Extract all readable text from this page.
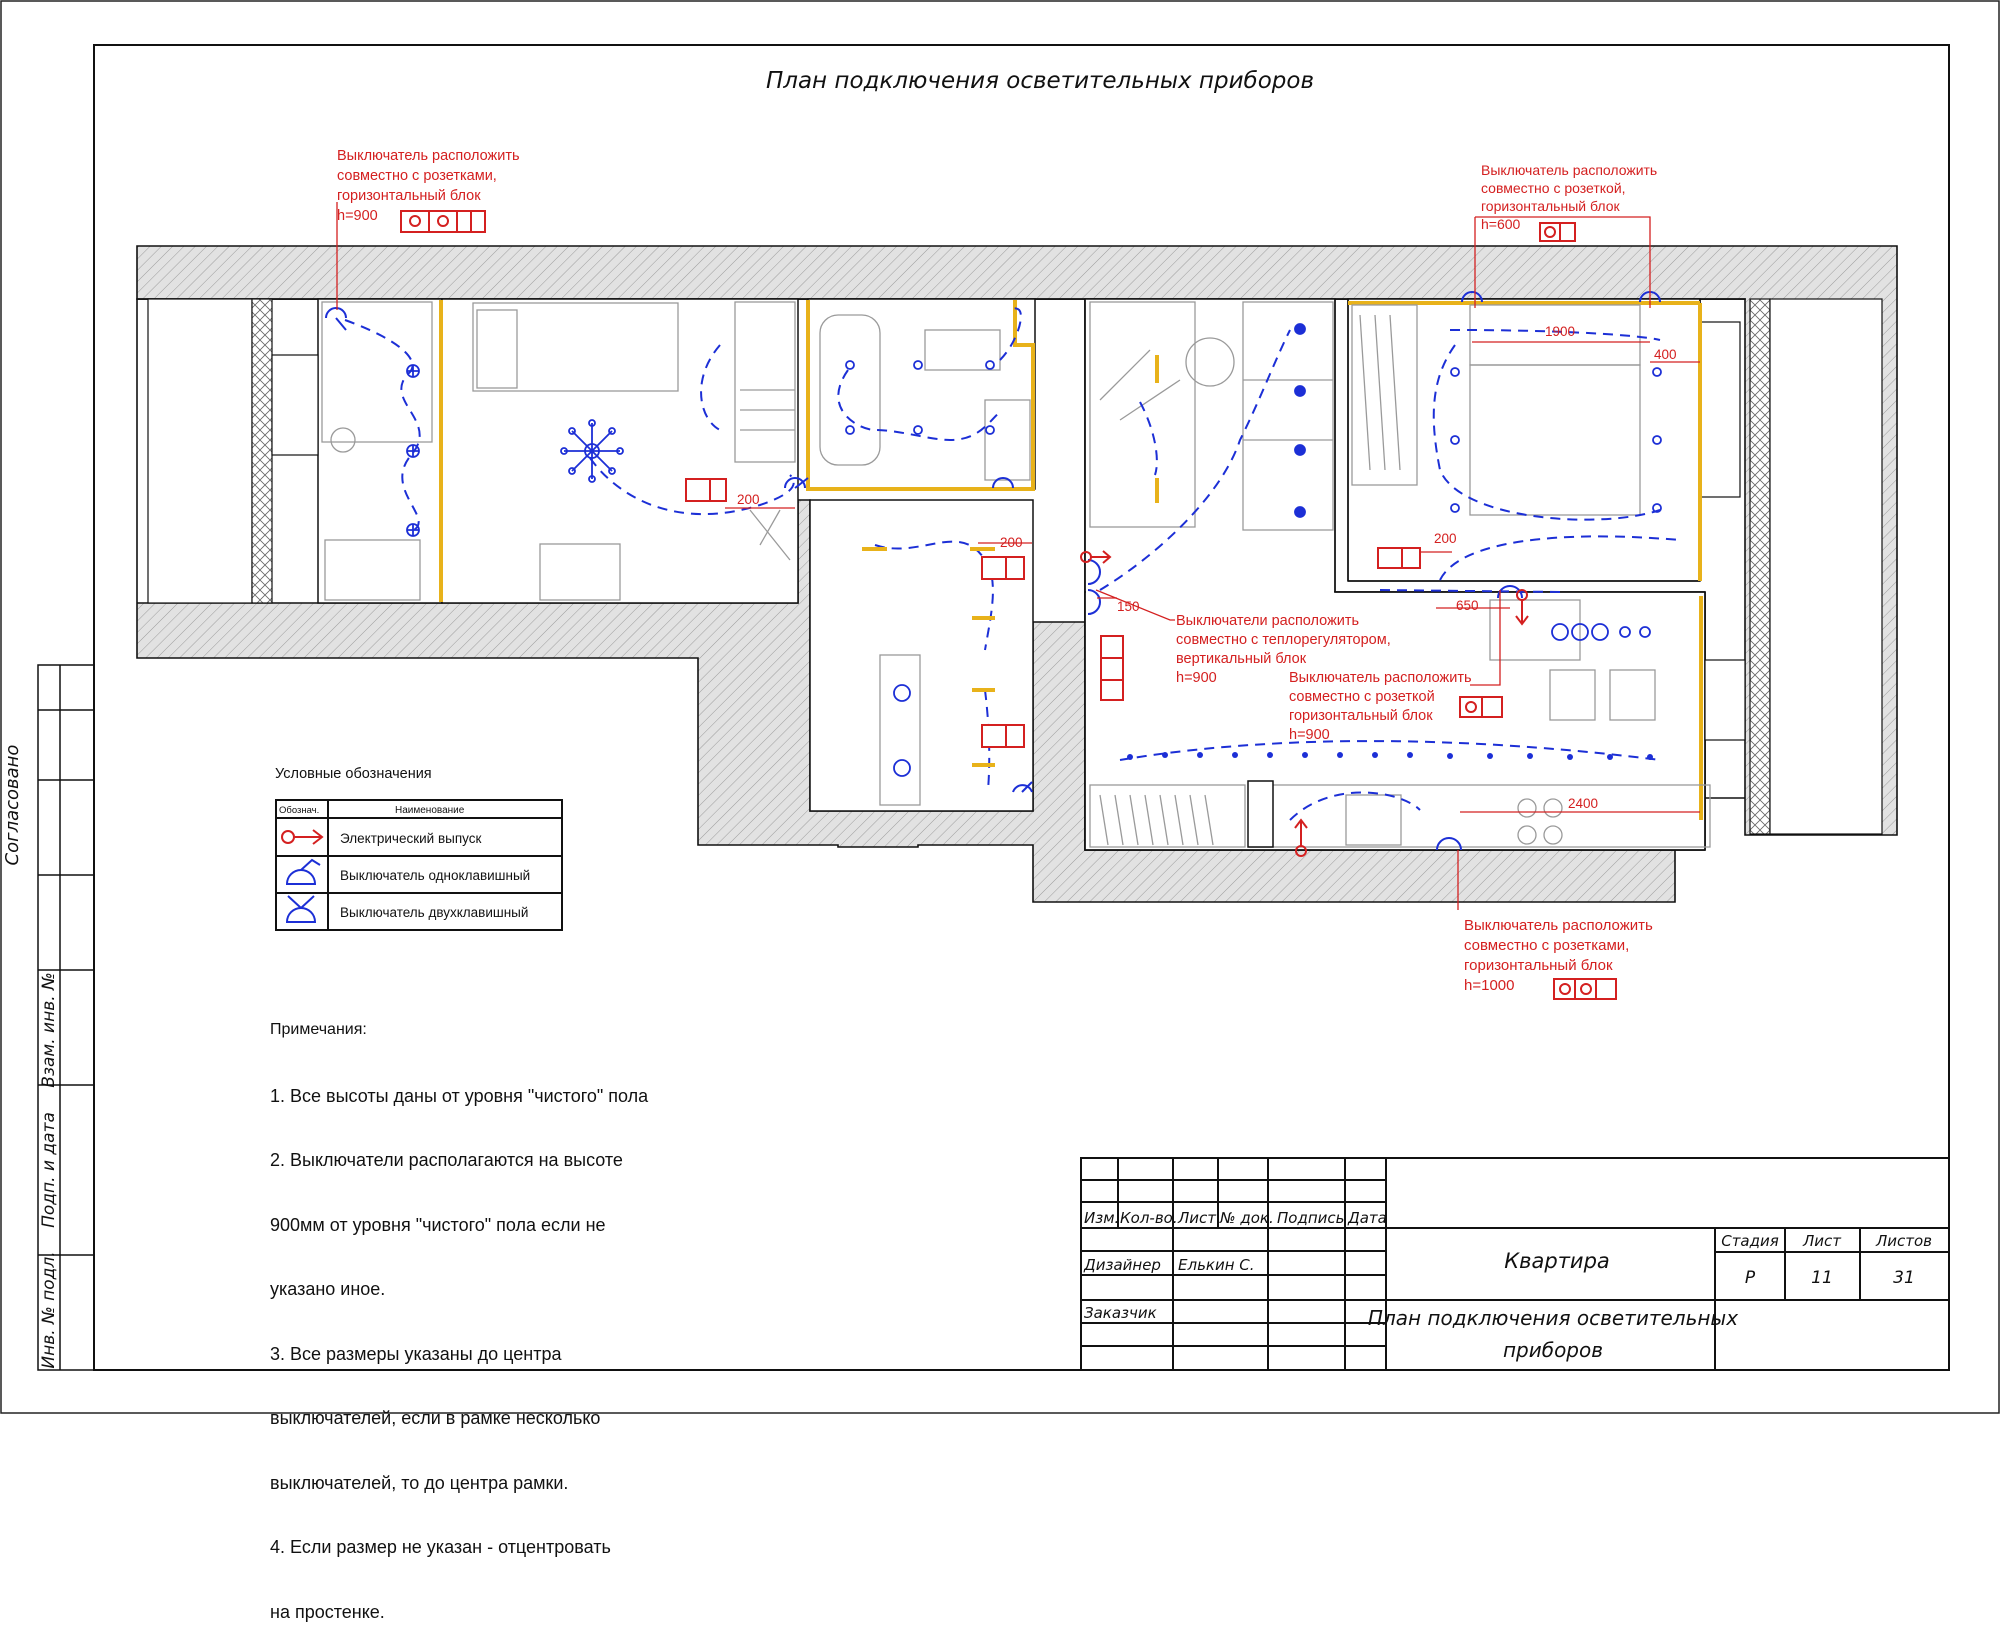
Согласовано
Взам. инв. №
Подп. и дата
Инв. № подл.
План подключения осветительных приборов
Выключатель расположить
совместно с розетками,
горизонтальный блок
h=900
Выключатель расположить
совместно с розеткой,
горизонтальный блок
h=600
Выключатели расположить
совместно с теплорегулятором,
вертикальный блок
h=900	Выключатель расположить
совместно с розеткой
горизонтальный блок
h=900
Выключатель расположить
совместно с розетками,
горизонтальный блок
h=1000
200
200
1900
400
200
650
150
2400
Условные обозначения
Обознач.	Наименование
Электрический выпуск
Выключатель одноклавишный
Выключатель двухклавишный
Изм. Кол-во. Лист № док. Подпись Дата
Дизайнер Елькин С.
Заказчик
Квартира
План подключения осветительных
приборов
Стадия Лист Листов
Р	11	31

Примечания:

1. Все высоты даны от уровня "чистого" пола

2. Выключатели располагаются на высоте

900мм от уровня "чистого" пола если не

указано иное.

3. Все размеры указаны до центра

выключателей, если в рамке несколько

выключателей, то до центра рамки.

4. Если размер не указан - отцентровать

на простенке.
